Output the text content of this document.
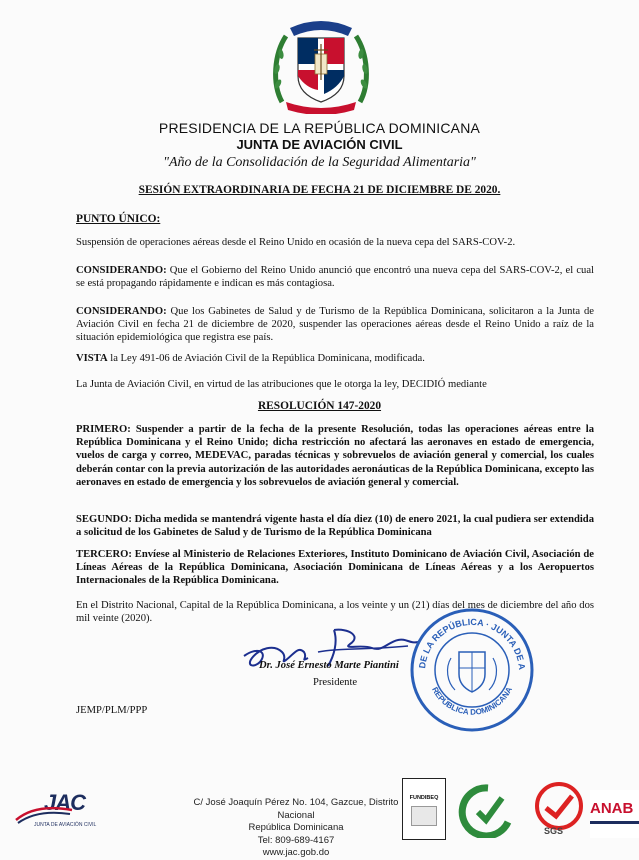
PRESIDENCIA DE LA REPÚBLICA DOMINICANA
JUNTA DE AVIACIÓN CIVIL
"Año de la Consolidación de la Seguridad Alimentaria"
SESIÓN EXTRAORDINARIA DE FECHA 21 DE DICIEMBRE DE 2020.
PUNTO ÚNICO:
Suspensión de operaciones aéreas desde el Reino Unido en ocasión de la nueva cepa del SARS-COV-2.
CONSIDERANDO: Que el Gobierno del Reino Unido anunció que encontró una nueva cepa del SARS-COV-2, el cual se está propagando rápidamente e indican es más contagiosa.
CONSIDERANDO: Que los Gabinetes de Salud y de Turismo de la República Dominicana, solicitaron a la Junta de Aviación Civil en fecha 21 de diciembre de 2020, suspender las operaciones aéreas desde el Reino Unido a raíz de la situación epidemiológica que registra ese país.
VISTA la Ley 491-06 de Aviación Civil de la República Dominicana, modificada.
La Junta de Aviación Civil, en virtud de las atribuciones que le otorga la ley, DECIDIÓ mediante
RESOLUCIÓN 147-2020
PRIMERO: Suspender a partir de la fecha de la presente Resolución, todas las operaciones aéreas entre la República Dominicana y el Reino Unido; dicha restricción no afectará las aeronaves en estado de emergencia, vuelos de carga y correo, MEDEVAC, paradas técnicas y sobrevuelos de aviación general y comercial, los cuales deberán contar con la previa autorización de las autoridades aeronáuticas de la República Dominicana, excepto las aeronaves en estado de emergencia y los sobrevuelos de aviación general y comercial.
SEGUNDO: Dicha medida se mantendrá vigente hasta el día diez (10) de enero 2021, la cual pudiera ser extendida a solicitud de los Gabinetes de Salud y de Turismo de la República Dominicana
TERCERO: Envíese al Ministerio de Relaciones Exteriores, Instituto Dominicano de Aviación Civil, Asociación de Líneas Aéreas de la República Dominicana, Asociación Dominicana de Líneas Aéreas y a los Aeropuertos Internacionales de la República Dominicana.
En el Distrito Nacional, Capital de la República Dominicana, a los veinte y un (21) días del mes de diciembre del año dos mil veinte (2020).
DE LA REPÚBLICA · JUNTA DE A
REPÚBLICA DOMINICANA
Dr. José Ernesto Marte Piantini
Presidente
JEMP/PLM/PPP
JAC
JUNTA DE AVIACIÓN CIVIL
C/ José Joaquín Pérez No. 104, Gazcue, Distrito Nacional
República Dominicana
Tel: 809-689-4167
www.jac.gob.do
FUNDIBEQ
SGS
ANAB
